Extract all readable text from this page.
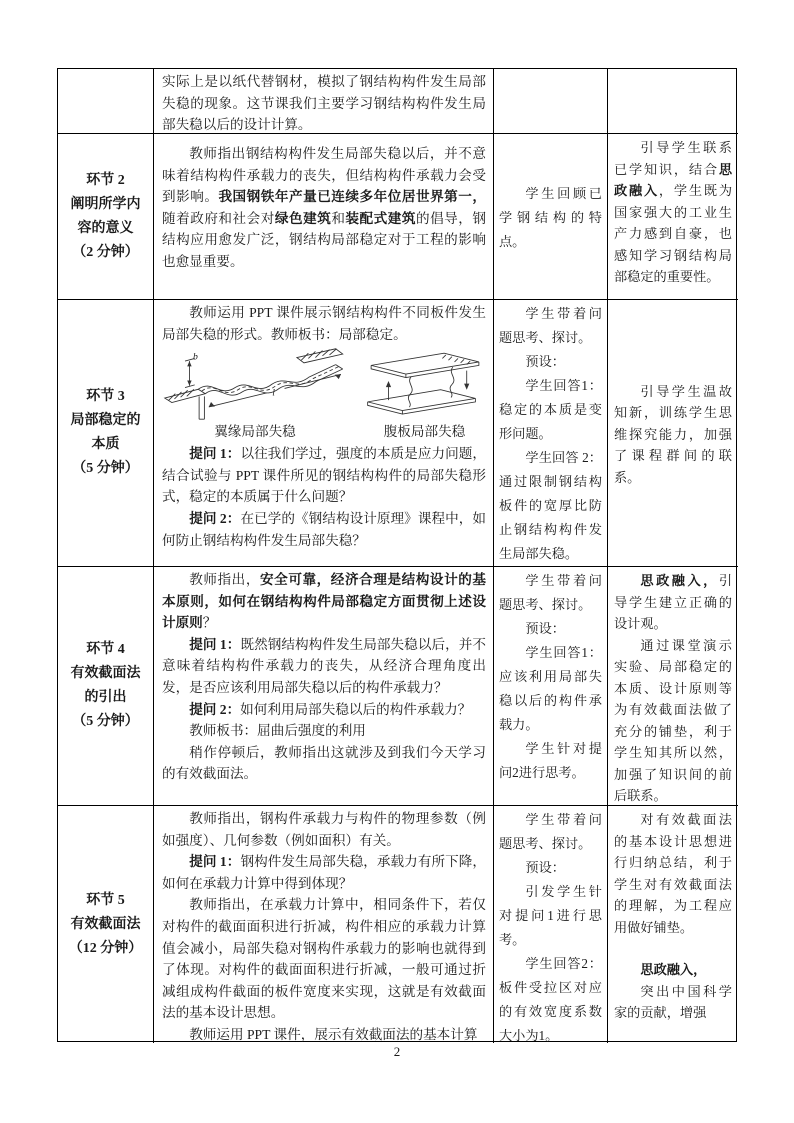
实际上是以纸代替钢材，模拟了钢结构构件发生局部失稳的现象。这节课我们主要学习钢结构构件发生局部失稳以后的设计计算。

环节 2
阐明所学内
容的意义
（2 分钟）

教师指出钢结构构件发生局部失稳以后，并不意味着结构构件承载力的丧失，但结构构件承载力会受到影响。我国钢铁年产量已连续多年位居世界第一，随着政府和社会对绿色建筑和装配式建筑的倡导，钢结构应用愈发广泛，钢结构局部稳定对于工程的影响也愈显重要。

学生回顾已学钢结构的特点。

引导学生联系已学知识，结合思政融入，学生既为国家强大的工业生产力感到自豪，也感知学习钢结构局部稳定的重要性。

环节 3
局部稳定的
本质
（5 分钟）

教师运用 PPT 课件展示钢结构构件不同板件发生局部失稳的形式。教师板书：局部稳定。

b
l
翼缘局部失稳	腹板局部失稳

提问 1：以往我们学过，强度的本质是应力问题，结合试验与 PPT 课件所见的钢结构构件的局部失稳形式，稳定的本质属于什么问题？

提问 2：在已学的《钢结构设计原理》课程中，如何防止钢结构构件发生局部失稳？

学生带着问题思考、探讨。

预设：

学生回答1：稳定的本质是变形问题。

学生回答 2：通过限制钢结构板件的宽厚比防止钢结构构件发生局部失稳。

引导学生温故知新，训练学生思维探究能力，加强了课程群间的联系。

环节 4
有效截面法
的引出
（5 分钟）

教师指出，安全可靠，经济合理是结构设计的基本原则，如何在钢结构构件局部稳定方面贯彻上述设计原则？

提问 1：既然钢结构构件发生局部失稳以后，并不意味着结构构件承载力的丧失，从经济合理角度出发，是否应该利用局部失稳以后的构件承载力？

提问 2：如何利用局部失稳以后的构件承载力？

教师板书：屈曲后强度的利用

稍作停顿后，教师指出这就涉及到我们今天学习的有效截面法。

学生带着问题思考、探讨。

预设：

学生回答1：应该利用局部失稳以后的构件承载力。

学生针对提问2进行思考。

思政融入，引导学生建立正确的设计观。

通过课堂演示实验、局部稳定的本质、设计原则等为有效截面法做了充分的铺垫，利于学生知其所以然，加强了知识间的前后联系。

环节 5
有效截面法
（12 分钟）

教师指出，钢构件承载力与构件的物理参数（例如强度）、几何参数（例如面积）有关。

提问 1：钢构件发生局部失稳，承载力有所下降，如何在承载力计算中得到体现？

教师指出，在承载力计算中，相同条件下，若仅对构件的截面面积进行折减，构件相应的承载力计算值会减小，局部失稳对钢构件承载力的影响也就得到了体现。对构件的截面面积进行折减，一般可通过折减组成构件截面的板件宽度来实现，这就是有效截面法的基本设计思想。

教师运用 PPT 课件，展示有效截面法的基本计算

学生带着问题思考、探讨。

预设：

引发学生针对提问1进行思考。

学生回答2：板件受拉区对应的有效宽度系数大小为1。

对有效截面法的基本设计思想进行归纳总结，利于学生对有效截面法的理解，为工程应用做好铺垫。

思政融入，

突出中国科学家的贡献，增强

2
